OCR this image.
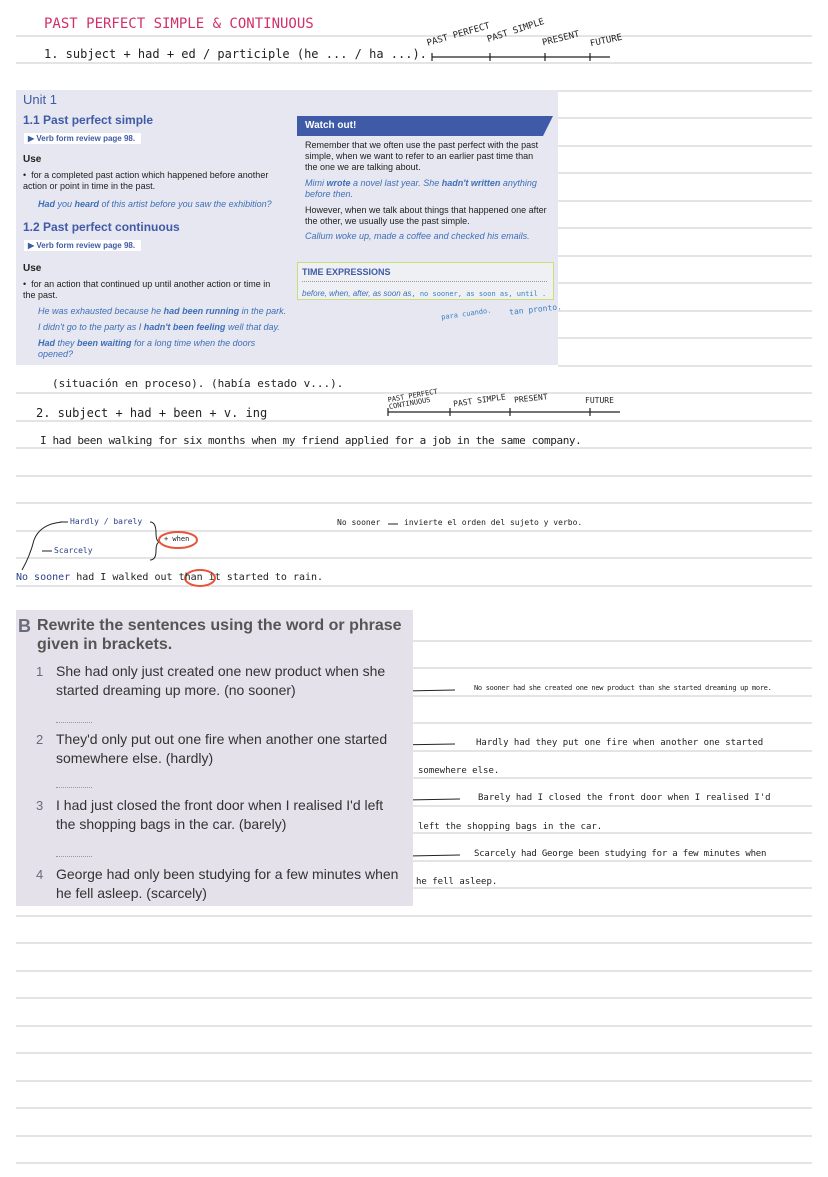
PAST PERFECT SIMPLE & CONTINUOUS
1. subject + had + ed / participle (he ... / ha ...).
PAST PERFECT
PAST SIMPLE
PRESENT FUTURE
Unit 1
1.1 Past perfect simple
▶ Verb form review page 98.
Use
•  for a completed past action which happened before another action or point in time in the past.
Had you heard of this artist before you saw the exhibition?
1.2 Past perfect continuous
▶ Verb form review page 98.
Use
•  for an action that continued up until another action or time in the past.
He was exhausted because he had been running in the park.
I didn't go to the party as I hadn't been feeling well that day.
Had they been waiting for a long time when the doors opened?
Watch out!
Remember that we often use the past perfect with the past simple, when we want to refer to an earlier past time than the one we are talking about.
Mimi wrote a novel last year. She hadn't written anything before then.
However, when we talk about things that happened one after the other, we usually use the past simple.
Callum woke up, made a coffee and checked his emails.
TIME EXPRESSIONS
before, when, after, as soon as, no sooner, as soon as, until .
para cuando. tan pronto.
(situación en proceso). (había estado v...).
2. subject + had + been + v. ing
PAST PERFECT CONTINUOUS	PAST SIMPLE PRESENT	FUTURE
I had been walking for six months when my friend applied for a job in the same company.
Hardly / barely
+ when
Scarcely
No sooner	invierte el orden del sujeto y verbo.
No sooner had I walked out than it started to rain.
B Rewrite the sentences using the word or phrase given in brackets.
1 She had only just created one new product when she started dreaming up more. (no sooner)
2 They'd only put out one fire when another one started somewhere else. (hardly)
3 I had just closed the front door when I realised I'd left the shopping bags in the car. (barely)
4 George had only been studying for a few minutes when he fell asleep. (scarcely)
No sooner had she created one new product than she started dreaming up more.
Hardly had they put one fire when another one started
somewhere else.
Barely had I closed the front door when I realised I'd
left the shopping bags in the car.
Scarcely had George been studying for a few minutes when
he fell asleep.
